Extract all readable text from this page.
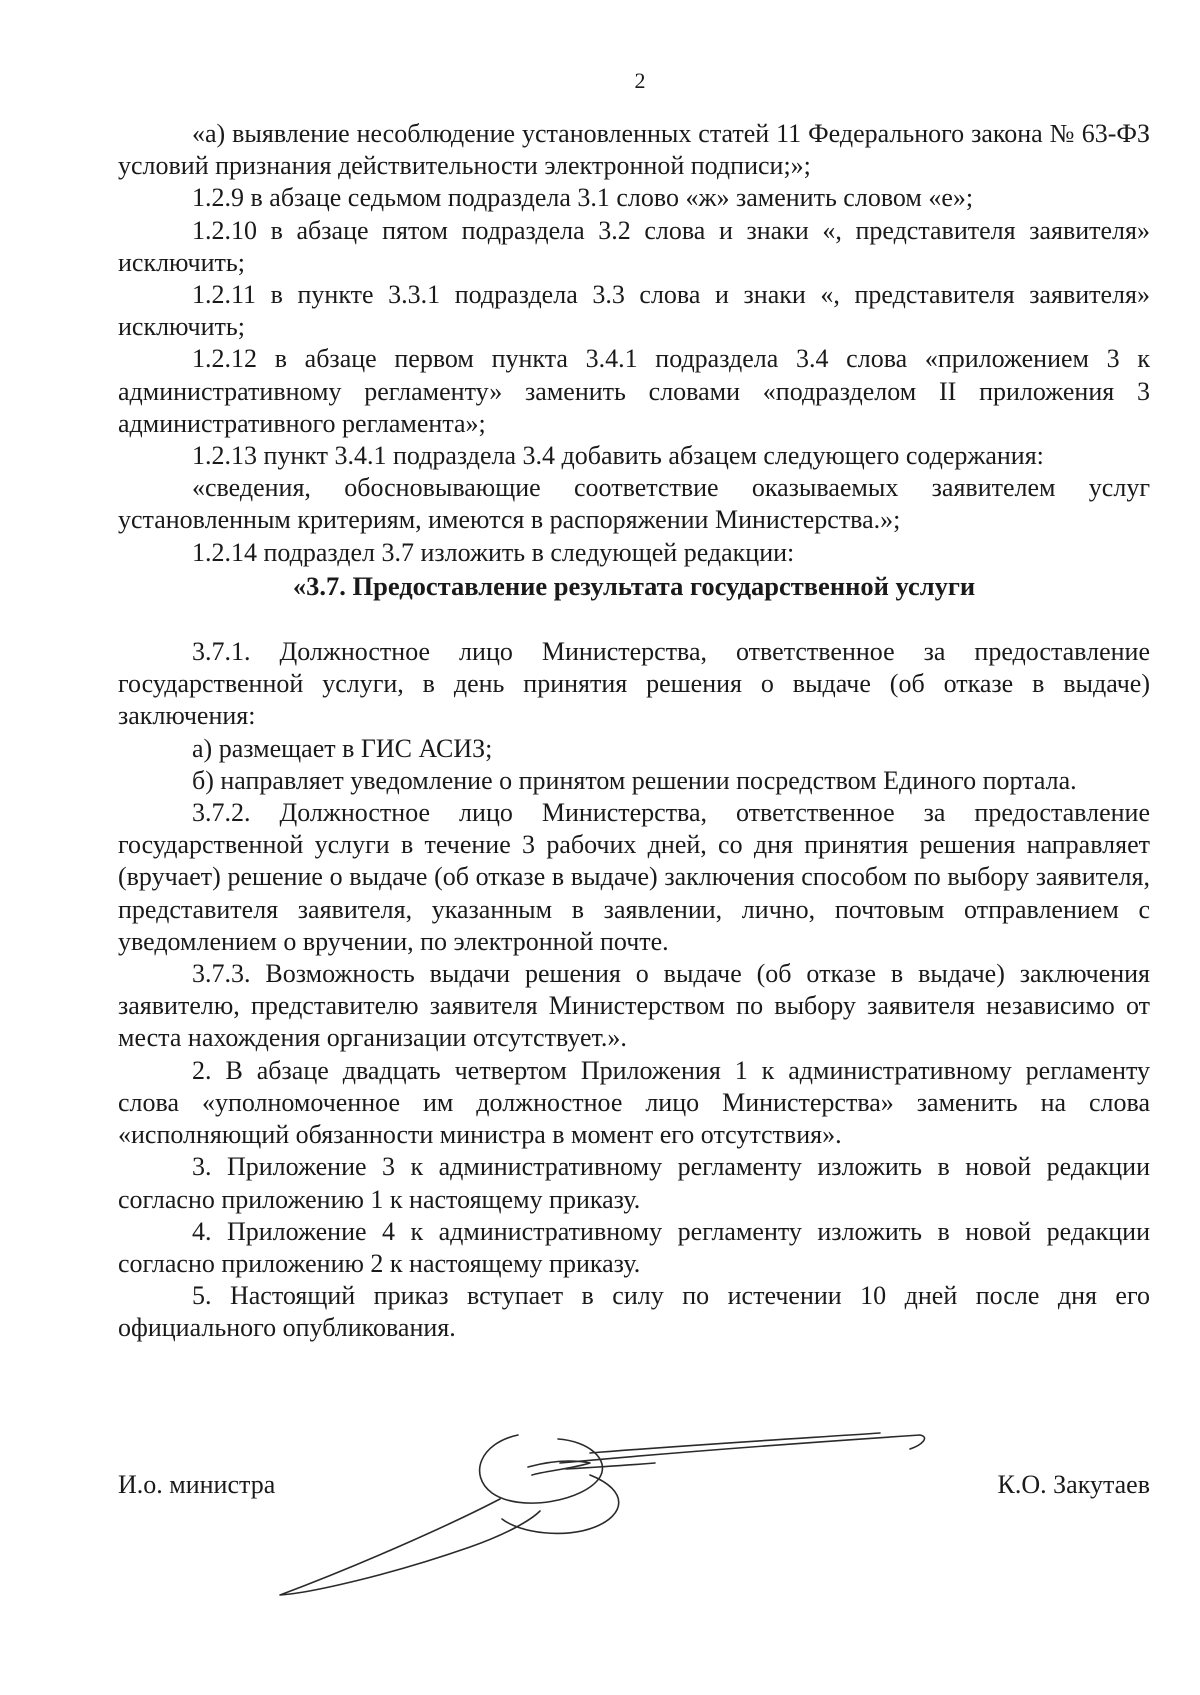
2

«а) выявление несоблюдение установленных статей 11 Федерального закона № 63-ФЗ условий признания действительности электронной подписи;»;

1.2.9 в абзаце седьмом подраздела 3.1 слово «ж» заменить словом «е»;

1.2.10 в абзаце пятом подраздела 3.2 слова и знаки «, представителя заявителя» исключить;

1.2.11 в пункте 3.3.1 подраздела 3.3 слова и знаки «, представителя заявителя» исключить;

1.2.12 в абзаце первом пункта 3.4.1 подраздела 3.4 слова «приложением 3 к административному регламенту» заменить словами «подразделом II приложения 3 административного регламента»;

1.2.13 пункт 3.4.1 подраздела 3.4 добавить абзацем следующего содержания:

«сведения, обосновывающие соответствие оказываемых заявителем услуг установленным критериям, имеются в распоряжении Министерства.»;

1.2.14 подраздел 3.7 изложить в следующей редакции:

«3.7. Предоставление результата государственной услуги

3.7.1. Должностное лицо Министерства, ответственное за предоставление государственной услуги, в день принятия решения о выдаче (об отказе в выдаче) заключения:

а) размещает в ГИС АСИЗ;

б) направляет уведомление о принятом решении посредством Единого портала.

3.7.2. Должностное лицо Министерства, ответственное за предоставление государственной услуги в течение 3 рабочих дней, со дня принятия решения направляет (вручает) решение о выдаче (об отказе в выдаче) заключения способом по выбору заявителя, представителя заявителя, указанным в заявлении, лично, почтовым отправлением с уведомлением о вручении, по электронной почте.

3.7.3. Возможность выдачи решения о выдаче (об отказе в выдаче) заключения заявителю, представителю заявителя Министерством по выбору заявителя независимо от места нахождения организации отсутствует.».

2. В абзаце двадцать четвертом Приложения 1 к административному регламенту слова «уполномоченное им должностное лицо Министерства» заменить на слова «исполняющий обязанности министра в момент его отсутствия».

3. Приложение 3 к административному регламенту изложить в новой редакции согласно приложению 1 к настоящему приказу.

4. Приложение 4 к административному регламенту изложить в новой редакции согласно приложению 2 к настоящему приказу.

5. Настоящий приказ вступает в силу по истечении 10 дней после дня его официального опубликования.

И.о. министра	К.О. Закутаев
